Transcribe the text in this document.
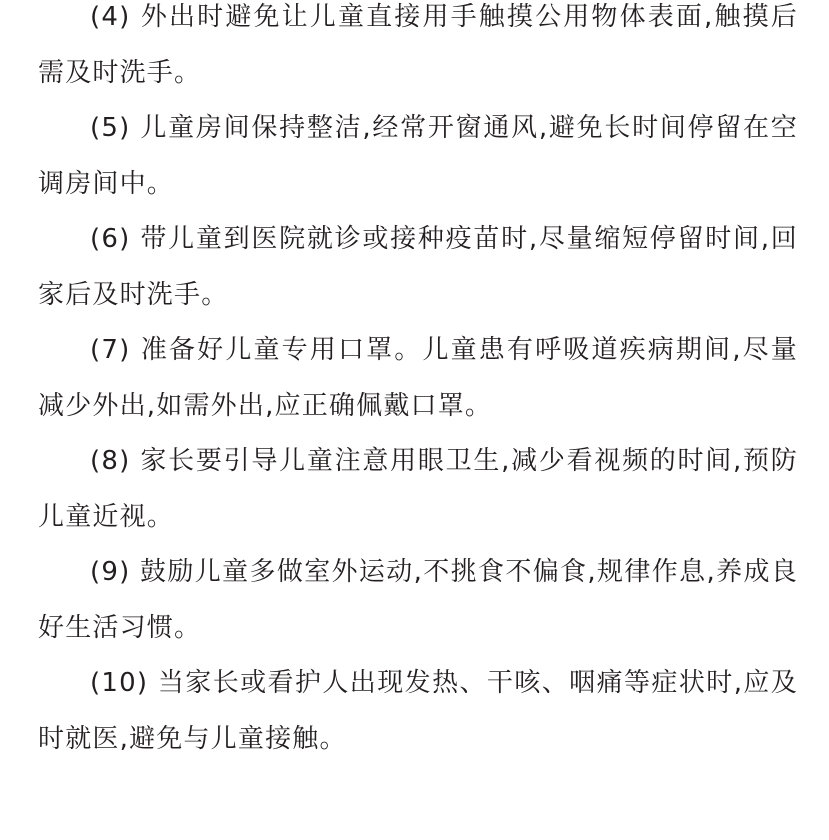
(4) 外出时避免让儿童直接用手触摸公用物体表面,触摸后需及时洗手。

(5) 儿童房间保持整洁,经常开窗通风,避免长时间停留在空调房间中。

(6) 带儿童到医院就诊或接种疫苗时,尽量缩短停留时间,回家后及时洗手。

(7) 准备好儿童专用口罩。儿童患有呼吸道疾病期间,尽量减少外出,如需外出,应正确佩戴口罩。

(8) 家长要引导儿童注意用眼卫生,减少看视频的时间,预防儿童近视。

(9) 鼓励儿童多做室外运动,不挑食不偏食,规律作息,养成良好生活习惯。

(10) 当家长或看护人出现发热、干咳、咽痛等症状时,应及时就医,避免与儿童接触。
